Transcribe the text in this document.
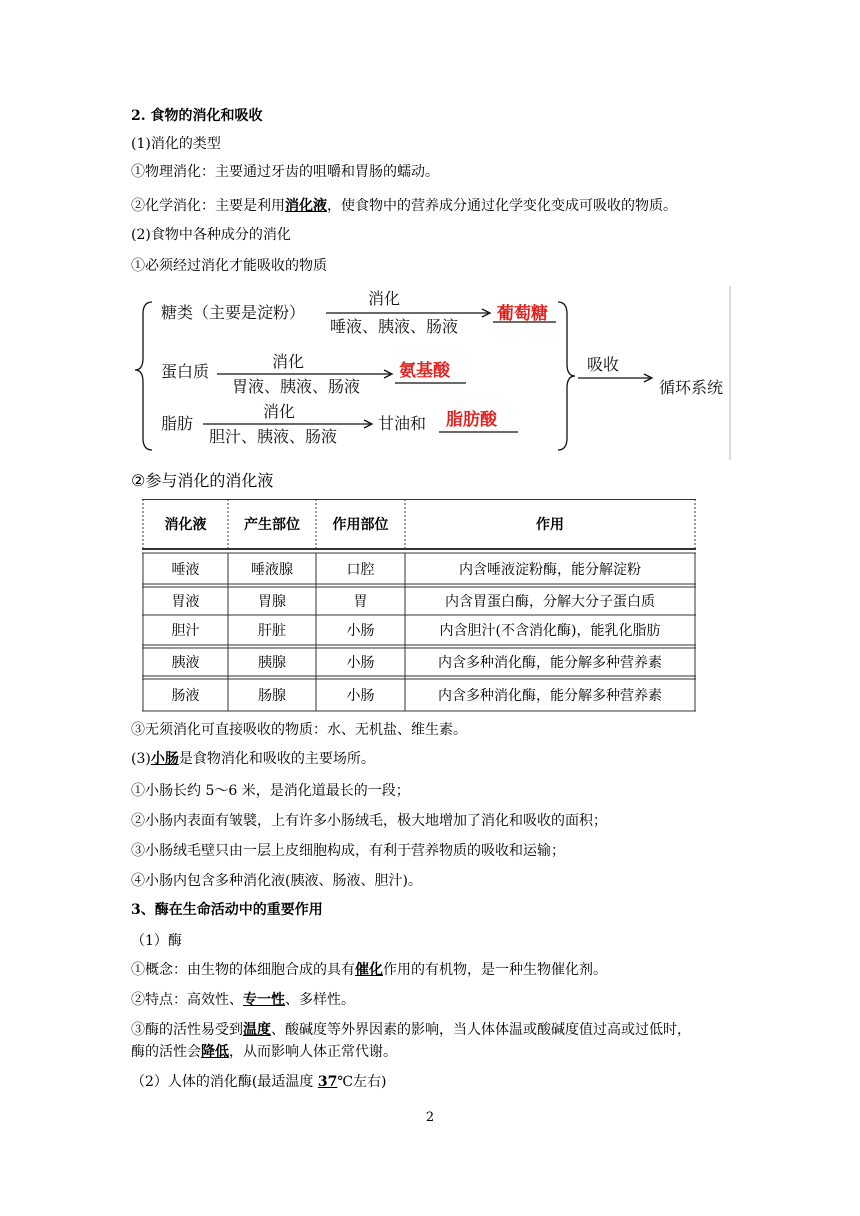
2. 食物的消化和吸收
(1)消化的类型
①物理消化：主要通过牙齿的咀嚼和胃肠的蠕动。
②化学消化：主要是利用消化液，使食物中的营养成分通过化学变化变成可吸收的物质。
(2)食物中各种成分的消化
①必须经过消化才能吸收的物质
糖类（主要是淀粉）
消化
唾液、胰液、肠液
葡萄糖
蛋白质
消化
胃液、胰液、肠液
氨基酸
脂肪
消化
胆汁、胰液、肠液
甘油和 脂肪酸
吸收
循环系统
②参与消化的消化液
消化液	产生部位	作用部位	作用
唾液	唾液腺	口腔	内含唾液淀粉酶，能分解淀粉
胃液	胃腺	胃	内含胃蛋白酶，分解大分子蛋白质
胆汁	肝脏	小肠	内含胆汁(不含消化酶)，能乳化脂肪
胰液	胰腺	小肠	内含多种消化酶，能分解多种营养素
肠液	肠腺	小肠	内含多种消化酶，能分解多种营养素
③无须消化可直接吸收的物质：水、无机盐、维生素。
(3)小肠是食物消化和吸收的主要场所。
①小肠长约 5～6 米，是消化道最长的一段；
②小肠内表面有皱襞，上有许多小肠绒毛，极大地增加了消化和吸收的面积；
③小肠绒毛壁只由一层上皮细胞构成，有利于营养物质的吸收和运输；
④小肠内包含多种消化液(胰液、肠液、胆汁)。
3、酶在生命活动中的重要作用
（1）酶
①概念：由生物的体细胞合成的具有催化作用的有机物，是一种生物催化剂。
②特点：高效性、专一性、多样性。
③酶的活性易受到温度、酸碱度等外界因素的影响，当人体体温或酸碱度值过高或过低时，
酶的活性会降低，从而影响人体正常代谢。
（2）人体的消化酶(最适温度 37℃左右)
2
